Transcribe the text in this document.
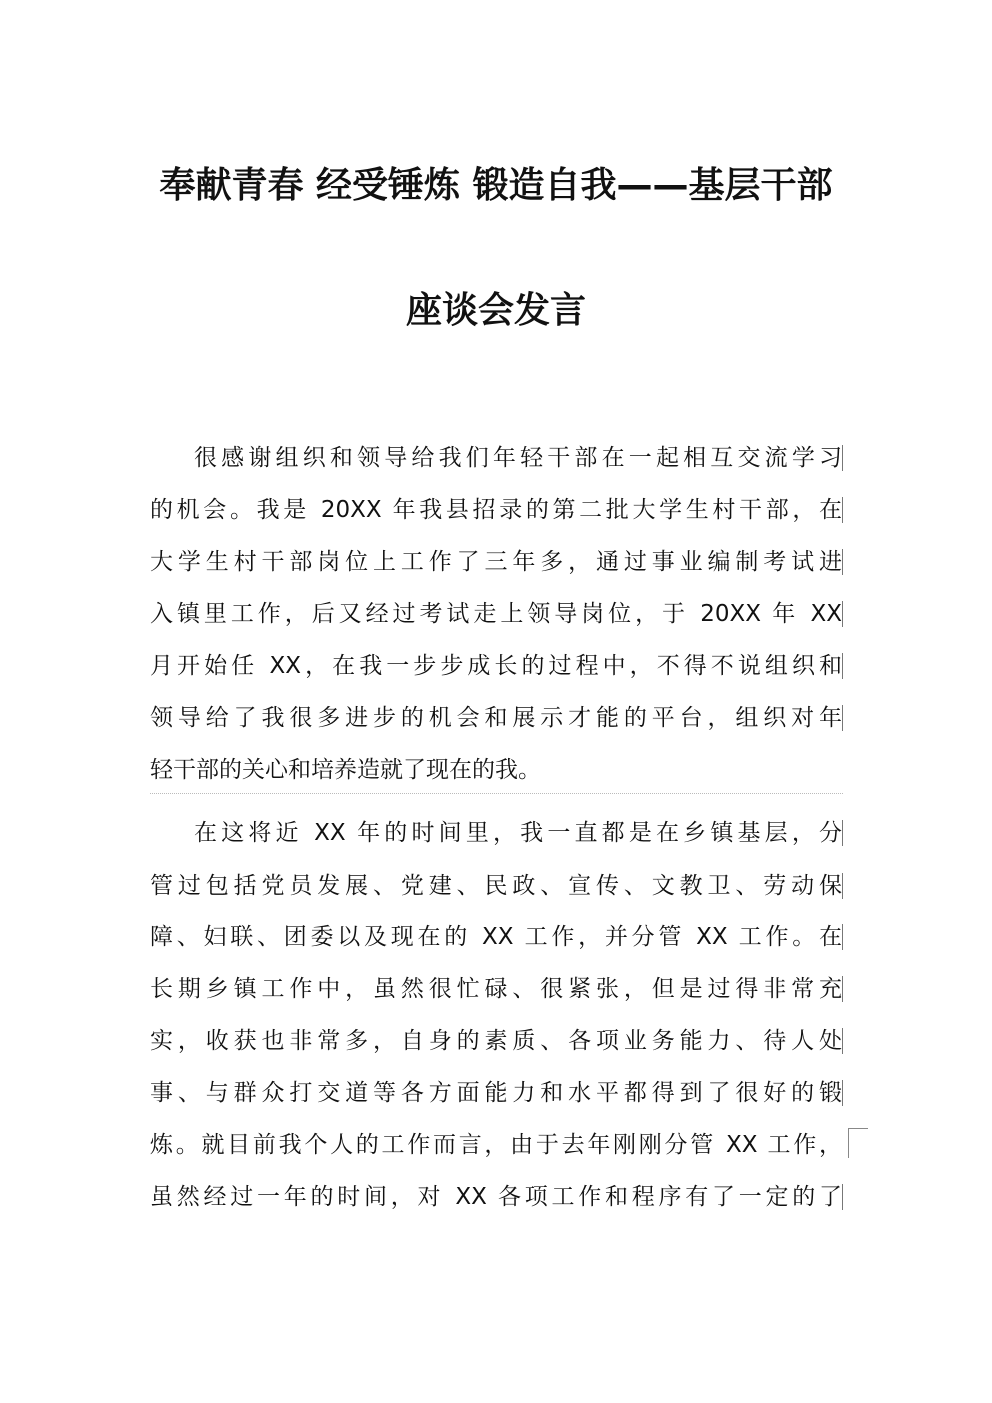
奉献青春 经受锤炼 锻造自我——基层干部
座谈会发言
很感谢组织和领导给我们年轻干部在一起相互交流学习
的机会。我是 20XX 年我县招录的第二批大学生村干部，在
大学生村干部岗位上工作了三年多，通过事业编制考试进
入镇里工作，后又经过考试走上领导岗位，于 20XX 年 XX
月开始任 XX，在我一步步成长的过程中，不得不说组织和
领导给了我很多进步的机会和展示才能的平台，组织对年
轻干部的关心和培养造就了现在的我。
在这将近 XX 年的时间里，我一直都是在乡镇基层，分
管过包括党员发展、党建、民政、宣传、文教卫、劳动保
障、妇联、团委以及现在的 XX 工作，并分管 XX 工作。在
长期乡镇工作中，虽然很忙碌、很紧张，但是过得非常充
实，收获也非常多，自身的素质、各项业务能力、待人处
事、与群众打交道等各方面能力和水平都得到了很好的锻
炼。就目前我个人的工作而言，由于去年刚刚分管 XX 工作，
虽然经过一年的时间，对 XX 各项工作和程序有了一定的了
